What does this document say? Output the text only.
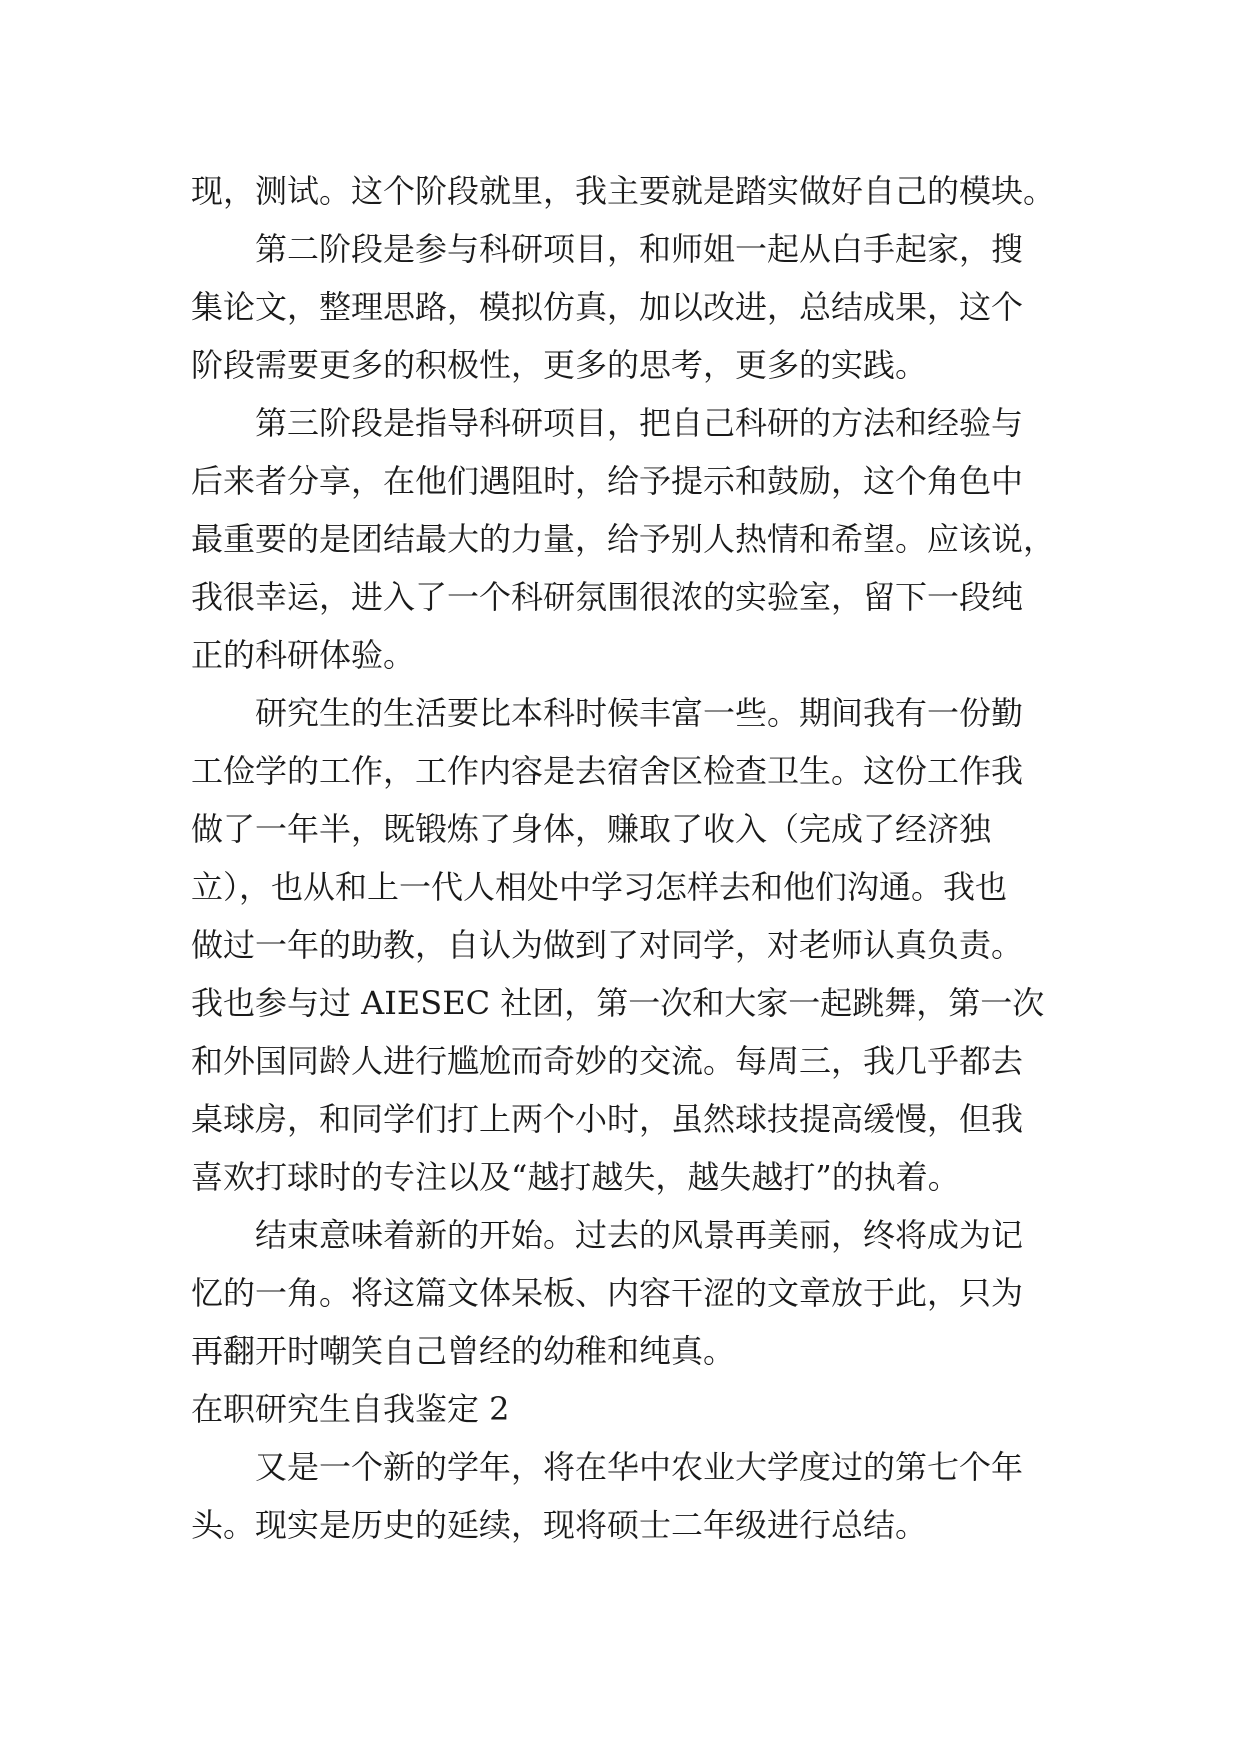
现，测试。这个阶段就里，我主要就是踏实做好自己的模块。
第二阶段是参与科研项目，和师姐一起从白手起家，搜
集论文，整理思路，模拟仿真，加以改进，总结成果，这个
阶段需要更多的积极性，更多的思考，更多的实践。
第三阶段是指导科研项目，把自己科研的方法和经验与
后来者分享，在他们遇阻时，给予提示和鼓励，这个角色中
最重要的是团结最大的力量，给予别人热情和希望。应该说，
我很幸运，进入了一个科研氛围很浓的实验室，留下一段纯
正的科研体验。
研究生的生活要比本科时候丰富一些。期间我有一份勤
工俭学的工作，工作内容是去宿舍区检查卫生。这份工作我
做了一年半，既锻炼了身体，赚取了收入（完成了经济独
立），也从和上一代人相处中学习怎样去和他们沟通。我也
做过一年的助教，自认为做到了对同学，对老师认真负责。
我也参与过 AIESEC 社团，第一次和大家一起跳舞，第一次
和外国同龄人进行尴尬而奇妙的交流。每周三，我几乎都去
桌球房，和同学们打上两个小时，虽然球技提高缓慢，但我
喜欢打球时的专注以及“越打越失，越失越打”的执着。
结束意味着新的开始。过去的风景再美丽，终将成为记
忆的一角。将这篇文体呆板、内容干涩的文章放于此，只为
再翻开时嘲笑自己曾经的幼稚和纯真。
在职研究生自我鉴定 2
又是一个新的学年，将在华中农业大学度过的第七个年
头。现实是历史的延续，现将硕士二年级进行总结。
